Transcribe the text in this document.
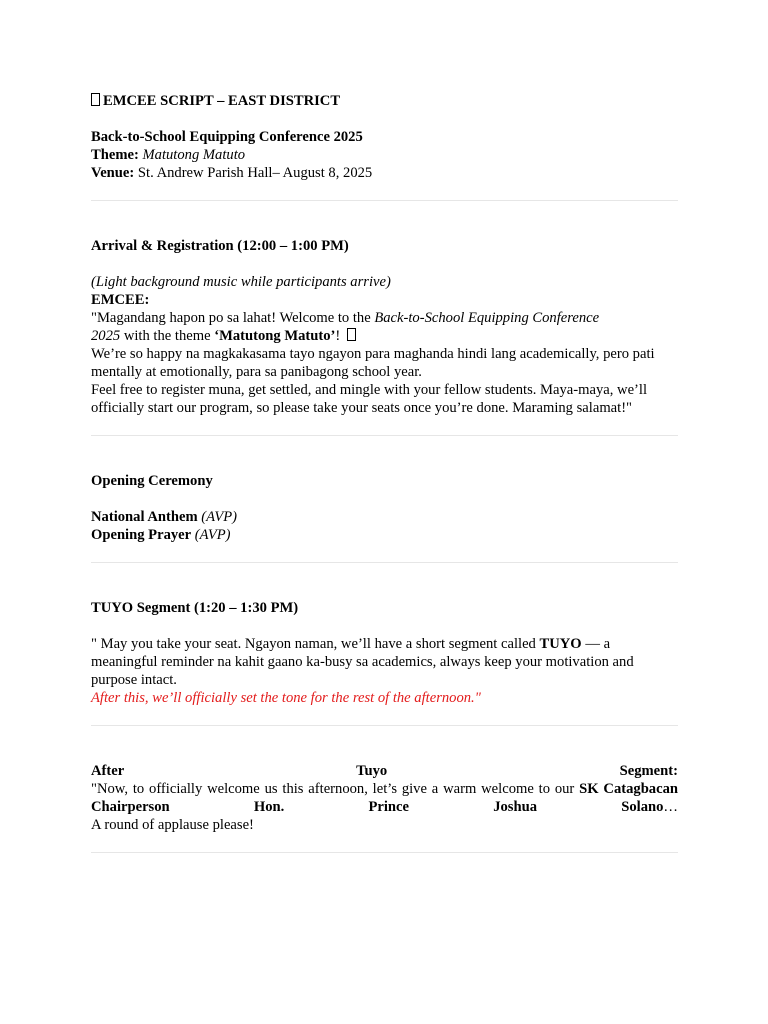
EMCEE SCRIPT – EAST DISTRICT

Back-to-School Equipping Conference 2025

Theme: Matutong Matuto

Venue: St. Andrew Parish Hall– August 8, 2025

Arrival & Registration (12:00 – 1:00 PM)

(Light background music while participants arrive)

EMCEE:

"Magandang hapon po sa lahat! Welcome to the Back-to-School Equipping Conference 2025 with the theme ‘Matutong Matuto’!

We’re so happy na magkakasama tayo ngayon para maghanda hindi lang academically, pero pati mentally at emotionally, para sa panibagong school year.

Feel free to register muna, get settled, and mingle with your fellow students. Maya-maya, we’ll officially start our program, so please take your seats once you’re done. Maraming salamat!"

Opening Ceremony

National Anthem (AVP)

Opening Prayer (AVP)

TUYO Segment (1:20 – 1:30 PM)

" May you take your seat. Ngayon naman, we’ll have a short segment called TUYO — a meaningful reminder na kahit gaano ka-busy sa academics, always keep your motivation and purpose intact.

After this, we’ll officially set the tone for the rest of the afternoon."

After Tuyo Segment:

"Now, to officially welcome us this afternoon, let’s give a warm welcome to our SK Catagbacan Chairperson Hon. Prince Joshua Solano…

A round of applause please!
